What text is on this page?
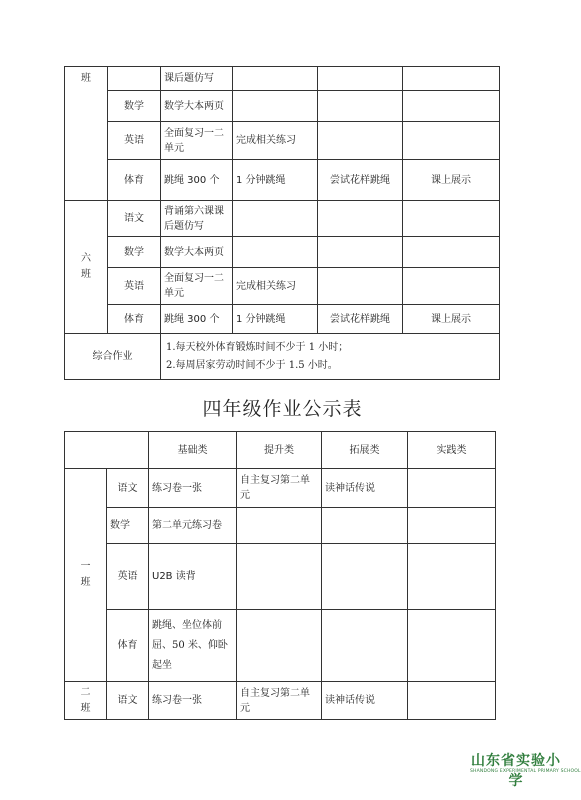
班		课后题仿写			
	数学	数学大本两页			
	英语	全面复习一二单元	完成相关练习		
	体育	跳绳 300 个	1 分钟跳绳	尝试花样跳绳	课上展示

六班	语文	背诵第六课课后题仿写			
	数学	数学大本两页			
	英语	全面复习一二单元	完成相关练习		
	体育	跳绳 300 个	1 分钟跳绳	尝试花样跳绳	课上展示
综合作业		1.每天校外体育锻炼时间不少于 1 小时；
2.每周居家劳动时间不少于 1.5 小时。			
四年级作业公示表
		基础类	提升类	拓展类	实践类

一班	语文	练习卷一张	自主复习第二单元	读神话传说	
	数学	第二单元练习卷			
	英语	U2B 读背			
	体育	跳绳、坐位体前屈、50 米、仰卧起坐			

二班	语文	练习卷一张	自主复习第二单元	读神话传说	
山东省实验小学
SHANDONG EXPERIMENTAL PRIMARY SCHOOL
